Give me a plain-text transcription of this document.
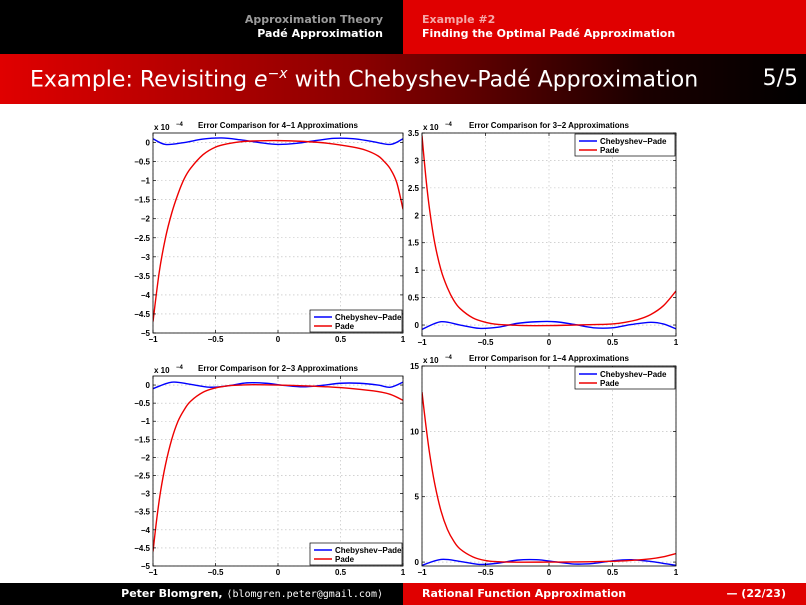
Approximation Theory
Padé Approximation
Example #2
Finding the Optimal Padé Approximation
Example: Revisiting $e^{-x}$ with Chebyshev-Padé Approximation	5/5
−1	−0.5	0	0.5	1
0
−0.5
−1
−1.5
−2
−2.5
−3
−3.5
−4
−4.5
−5
x 10 −4 Error Comparison for 4−1 Approximations
Chebyshev−Pade
Pade
−1	−0.5	0	0.5	1
0
0.5
1
1.5
2
2.5
3
3.5
x 10 −4 Error Comparison for 3−2 Approximations
Chebyshev−Pade
Pade
−1	−0.5	0	0.5	1
0
−0.5
−1
−1.5
−2
−2.5
−3
−3.5
−4
−4.5
−5
x 10 −4 Error Comparison for 2−3 Approximations
Chebyshev−Pade
Pade
−1	−0.5	0	0.5	1
0
5
10
15
x 10 −4 Error Comparison for 1−4 Approximations
Chebyshev−Pade
Pade
Peter Blomgren, ⟨blomgren.peter@gmail.com⟩	Rational Function Approximation	— (22/23)
